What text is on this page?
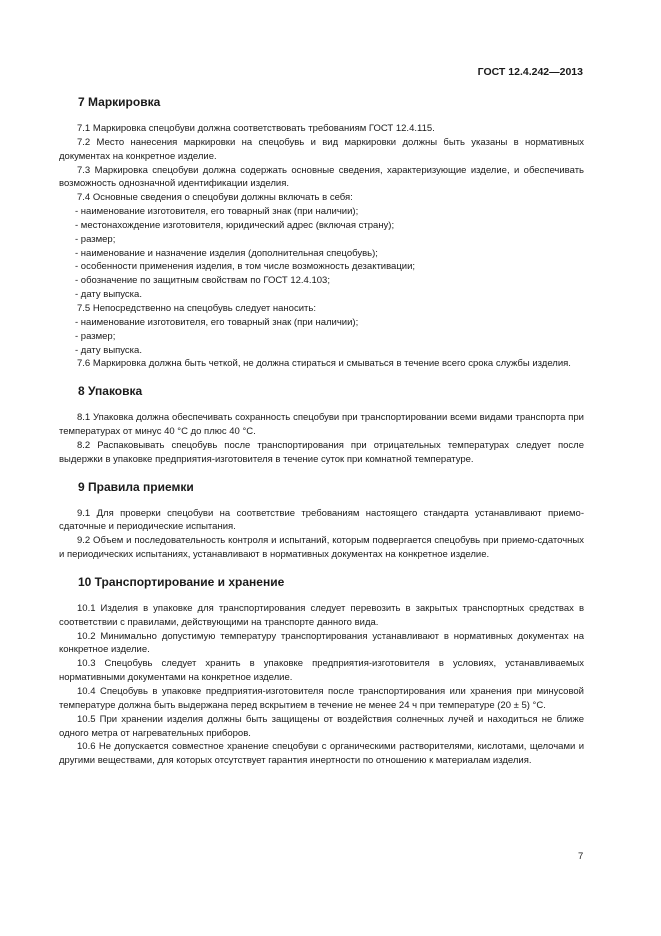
ГОСТ 12.4.242—2013
7 Маркировка

7.1 Маркировка спецобуви должна соответствовать требованиям ГОСТ 12.4.115.

7.2 Место нанесения маркировки на спецобувь и вид маркировки должны быть указаны в нормативных документах на конкретное изделие.

7.3 Маркировка спецобуви должна содержать основные сведения, характеризующие изделие, и обеспечивать возможность однозначной идентификации изделия.

7.4 Основные сведения о спецобуви должны включать в себя:

- наименование изготовителя, его товарный знак (при наличии);

- местонахождение изготовителя, юридический адрес (включая страну);

- размер;

- наименование и назначение изделия (дополнительная спецобувь);

- особенности применения изделия, в том числе возможность дезактивации;

- обозначение по защитным свойствам по ГОСТ 12.4.103;

- дату выпуска.

7.5 Непосредственно на спецобувь следует наносить:

- наименование изготовителя, его товарный знак (при наличии);

- размер;

- дату выпуска.

7.6 Маркировка должна быть четкой, не должна стираться и смываться в течение всего срока службы изделия.

8 Упаковка

8.1 Упаковка должна обеспечивать сохранность спецобуви при транспортировании всеми видами транспорта при температурах от минус 40 °С до плюс 40 °С.

8.2 Распаковывать спецобувь после транспортирования при отрицательных температурах следует после выдержки в упаковке предприятия-изготовителя в течение суток при комнатной температуре.

9 Правила приемки

9.1 Для проверки спецобуви на соответствие требованиям настоящего стандарта устанавливают приемо-сдаточные и периодические испытания.

9.2 Объем и последовательность контроля и испытаний, которым подвергается спецобувь при приемо-сдаточных и периодических испытаниях, устанавливают в нормативных документах на конкретное изделие.

10 Транспортирование и хранение

10.1 Изделия в упаковке для транспортирования следует перевозить в закрытых транспортных средствах в соответствии с правилами, действующими на транспорте данного вида.

10.2 Минимально допустимую температуру транспортирования устанавливают в нормативных документах на конкретное изделие.

10.3 Спецобувь следует хранить в упаковке предприятия-изготовителя в условиях, устанавливаемых нормативными документами на конкретное изделие.

10.4 Спецобувь в упаковке предприятия-изготовителя после транспортирования или хранения при минусовой температуре должна быть выдержана перед вскрытием в течение не менее 24 ч при температуре (20 ± 5) °С.

10.5 При хранении изделия должны быть защищены от воздействия солнечных лучей и находиться не ближе одного метра от нагревательных приборов.

10.6 Не допускается совместное хранение спецобуви с органическими растворителями, кислотами, щелочами и другими веществами, для которых отсутствует гарантия инертности по отношению к материалам изделия.

7
